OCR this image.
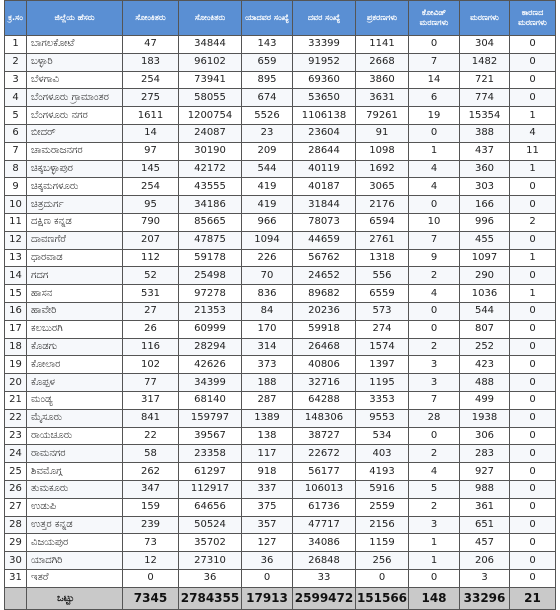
ಕ್ರ.ಸಂ	ಜಿಲ್ಲೆಯ ಹೆಸರು	ಸೋಂಕಿತರು	ಸೋಂಕಿತರು	ಯಾದವರ ಸಂಖ್ಯೆ	ದವರ ಸಂಖ್ಯೆ	ಪ್ರಕರಣಗಳು	ಕೋವಿಡ್ ಮರಣಗಳು	ಮರಣಗಳು	ಕಾರಣದ ಮರಣಗಳು
1	ಬಾಗಲಕೋಟೆ	47	34844	143	33399	1141	0	304	0
2	ಬಳ್ಳಾರಿ	183	96102	659	91952	2668	7	1482	0
3	ಬೆಳಗಾವಿ	254	73941	895	69360	3860	14	721	0
4	ಬೆಂಗಳೂರು ಗ್ರಾಮಾಂತರ	275	58055	674	53650	3631	6	774	0
5	ಬೆಂಗಳೂರು ನಗರ	1611	1200754	5526	1106138	79261	19	15354	1
6	ಬೀದರ್	14	24087	23	23604	91	0	388	4
7	ಚಾಮರಾಜನಗರ	97	30190	209	28644	1098	1	437	11
8	ಚಿಕ್ಕಬಳ್ಳಾಪುರ	145	42172	544	40119	1692	4	360	1
9	ಚಿಕ್ಕಮಗಳೂರು	254	43555	419	40187	3065	4	303	0
10	ಚಿತ್ರದುರ್ಗ	95	34186	419	31844	2176	0	166	0
11	ದಕ್ಷಿಣ ಕನ್ನಡ	790	85665	966	78073	6594	10	996	2
12	ದಾವಣಗೆರೆ	207	47875	1094	44659	2761	7	455	0
13	ಧಾರವಾಡ	112	59178	226	56762	1318	9	1097	1
14	ಗದಗ	52	25498	70	24652	556	2	290	0
15	ಹಾಸನ	531	97278	836	89682	6559	4	1036	1
16	ಹಾವೇರಿ	27	21353	84	20236	573	0	544	0
17	ಕಲಬುರಗಿ	26	60999	170	59918	274	0	807	0
18	ಕೊಡಗು	116	28294	314	26468	1574	2	252	0
19	ಕೋಲಾರ	102	42626	373	40806	1397	3	423	0
20	ಕೊಪ್ಪಳ	77	34399	188	32716	1195	3	488	0
21	ಮಂಡ್ಯ	317	68140	287	64288	3353	7	499	0
22	ಮೈಸೂರು	841	159797	1389	148306	9553	28	1938	0
23	ರಾಯಚೂರು	22	39567	138	38727	534	0	306	0
24	ರಾಮನಗರ	58	23358	117	22672	403	2	283	0
25	ಶಿವಮೊಗ್ಗ	262	61297	918	56177	4193	4	927	0
26	ತುಮಕೂರು	347	112917	337	106013	5916	5	988	0
27	ಉಡುಪಿ	159	64656	375	61736	2559	2	361	0
28	ಉತ್ತರ ಕನ್ನಡ	239	50524	357	47717	2156	3	651	0
29	ವಿಜಯಪುರ	73	35702	127	34086	1159	1	457	0
30	ಯಾದಗಿರಿ	12	27310	36	26848	256	1	206	0
31	ಇತರೆ	0	36	0	33	0	0	3	0
	ಒಟ್ಟು	7345	2784355	17913	2599472	151566	148	33296	21
